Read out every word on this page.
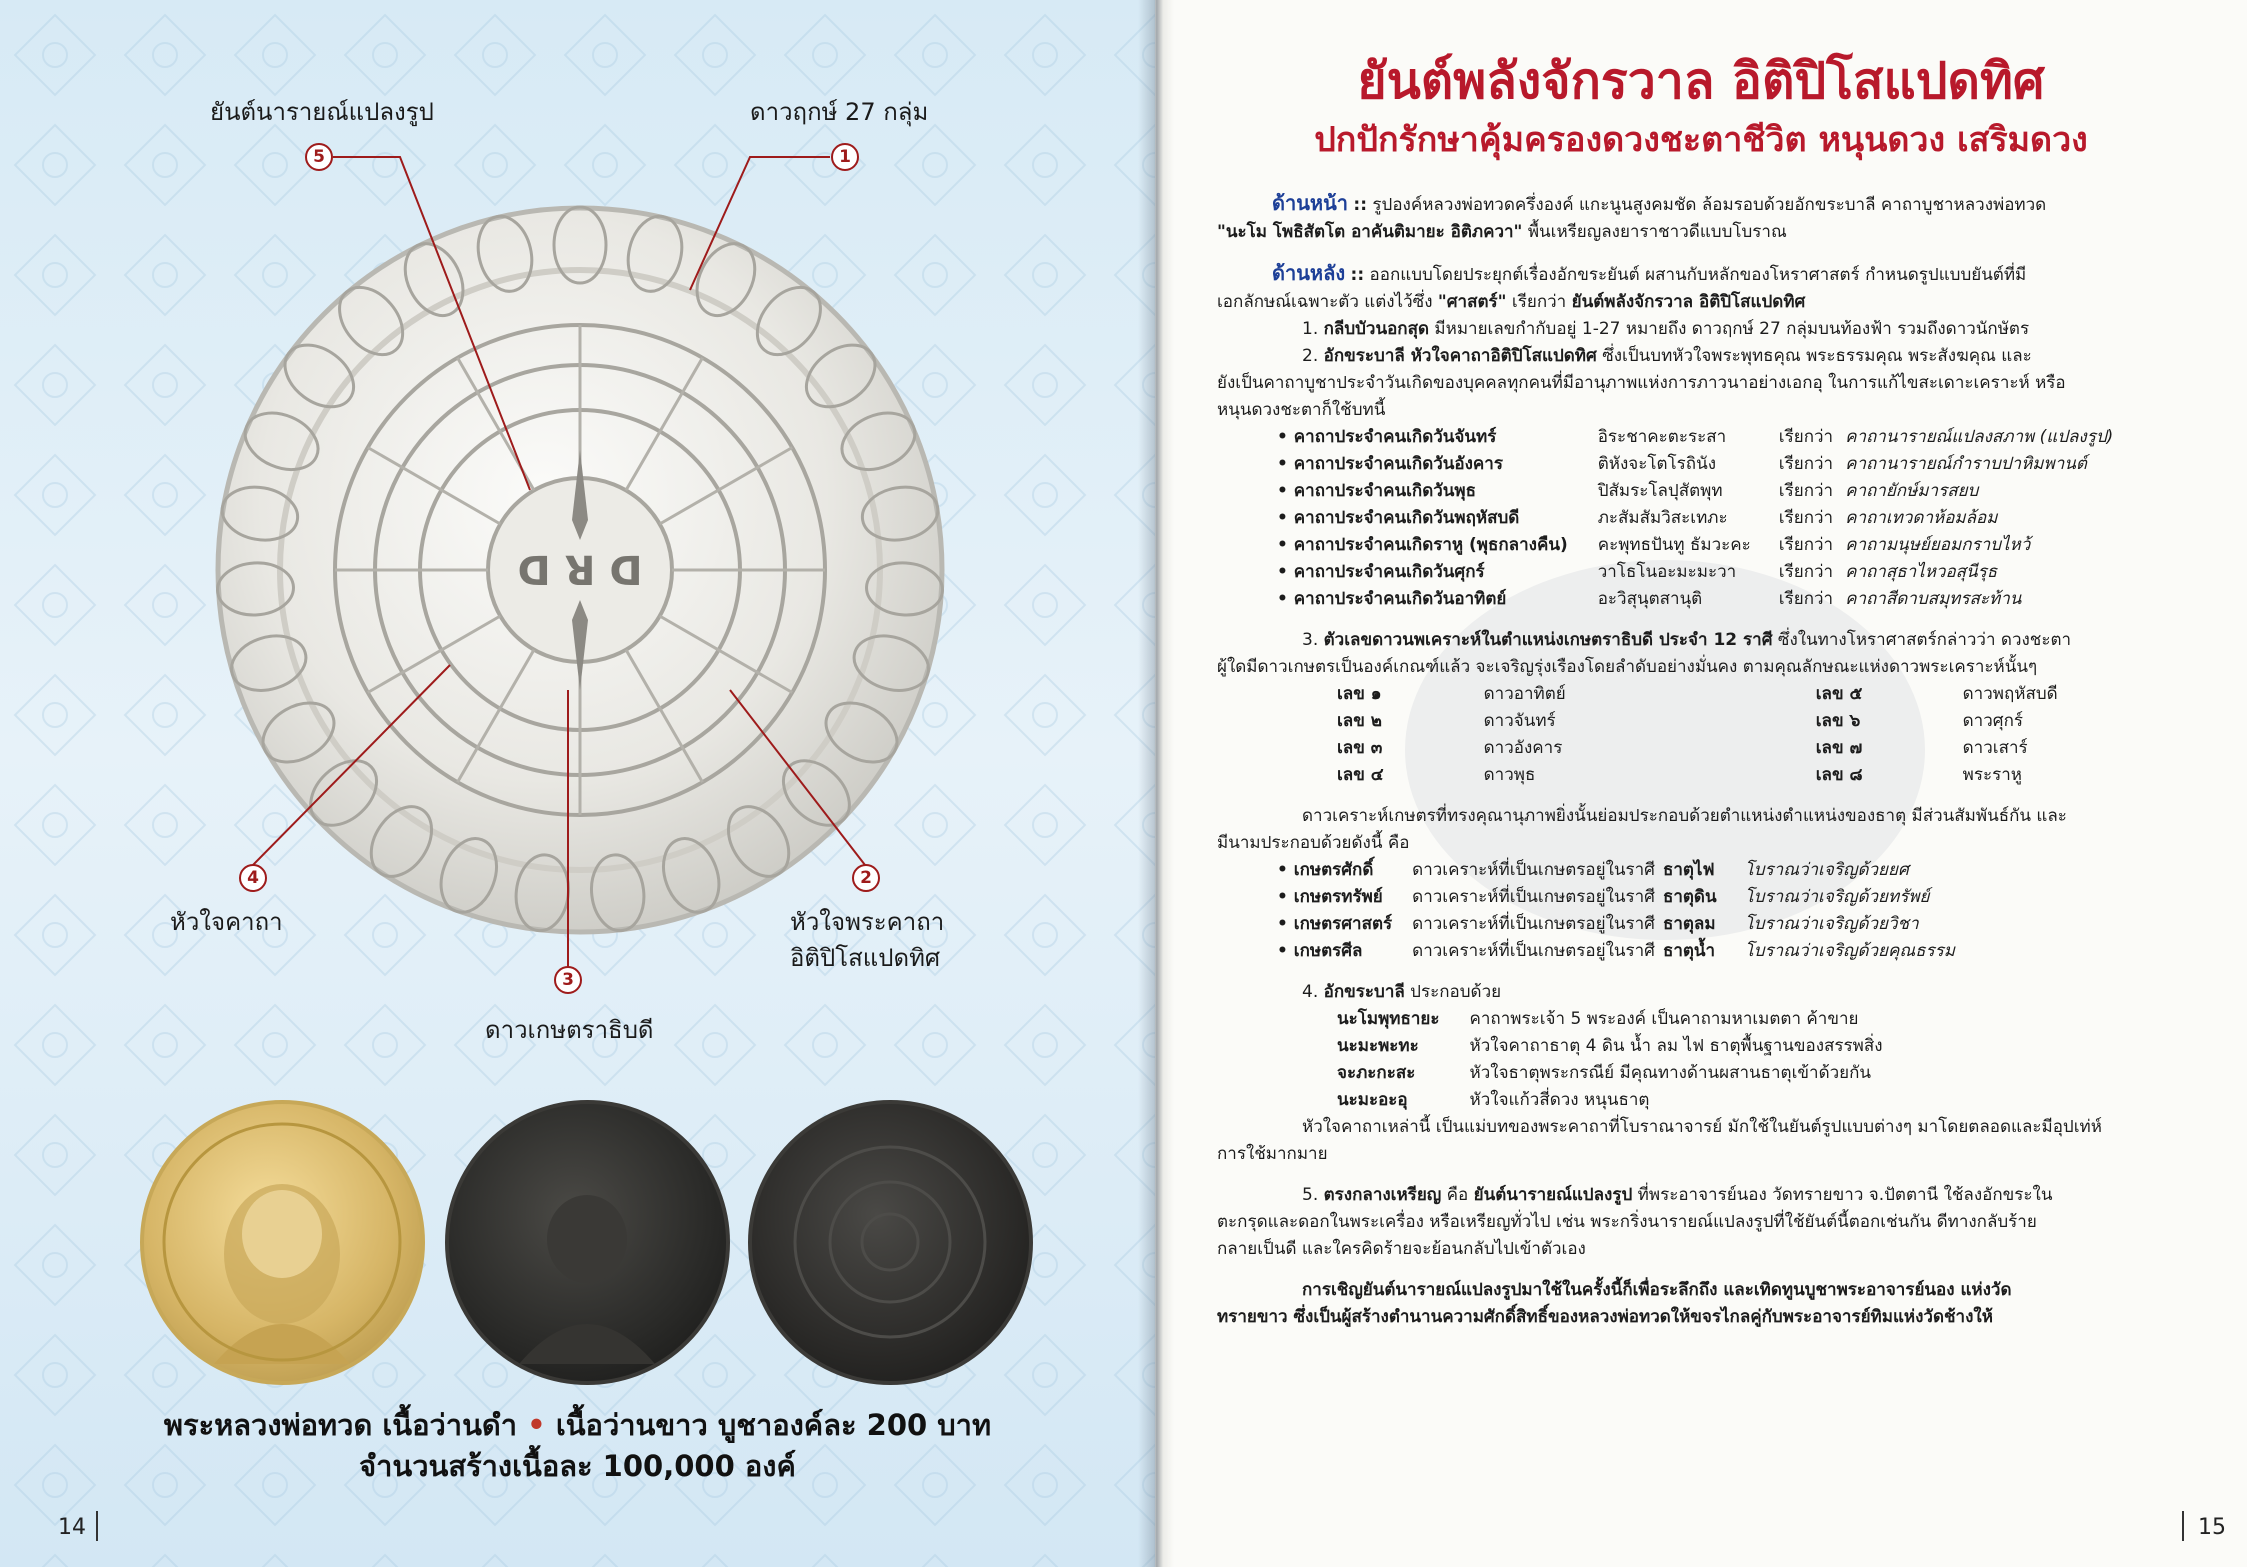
ꓷ ꓤ ꓷ
5
ยันต์นารายณ์แปลงรูป
1
ดาวฤกษ์ 27 กลุ่ม
4
หัวใจคาถา
2
หัวใจพระคาถา
อิติปิโสแปดทิศ
3
ดาวเกษตราธิบดี
พระหลวงพ่อทวด เนื้อว่านดำ • เนื้อว่านขาว บูชาองค์ละ 200 บาท
จำนวนสร้างเนื้อละ 100,000 องค์
14
ยันต์พลังจักรวาล อิติปิโสแปดทิศ
ปกปักรักษาคุ้มครองดวงชะตาชีวิต หนุนดวง เสริมดวง

ด้านหน้า :: รูปองค์หลวงพ่อทวดครึ่งองค์ แกะนูนสูงคมชัด ล้อมรอบด้วยอักขระบาลี คาถาบูชาหลวงพ่อทวด

"นะโม โพธิสัตโต อาคันติมายะ อิติภควา" พื้นเหรียญลงยาราชาวดีแบบโบราณ

ด้านหลัง :: ออกแบบโดยประยุกต์เรื่องอักขระยันต์ ผสานกับหลักของโหราศาสตร์ กำหนดรูปแบบยันต์ที่มี

เอกลักษณ์เฉพาะตัว แต่งไว้ซึ่ง "ศาสตร์" เรียกว่า ยันต์พลังจักรวาล อิติปิโสแปดทิศ

1. กลีบบัวนอกสุด มีหมายเลขกำกับอยู่ 1-27 หมายถึง ดาวฤกษ์ 27 กลุ่มบนท้องฟ้า รวมถึงดาวนักษัตร

2. อักขระบาลี หัวใจคาถาอิติปิโสแปดทิศ ซึ่งเป็นบทหัวใจพระพุทธคุณ พระธรรมคุณ พระสังฆคุณ และ

ยังเป็นคาถาบูชาประจำวันเกิดของบุคคลทุกคนที่มีอานุภาพแห่งการภาวนาอย่างเอกอุ ในการแก้ไขสะเดาะเคราะห์ หรือ

หนุนดวงชะตาก็ใช้บทนี้

• คาถาประจำคนเกิดวันจันทร์	อิระชาคะตะระสา	เรียกว่า	คาถานารายณ์แปลงสภาพ (แปลงรูป)
• คาถาประจำคนเกิดวันอังคาร	ติหังจะโตโรถินัง	เรียกว่า	คาถานารายณ์กำราบปาหิมพานต์
• คาถาประจำคนเกิดวันพุธ	ปิสัมระโลปุสัตพุท	เรียกว่า	คาถายักษ์มารสยบ
• คาถาประจำคนเกิดวันพฤหัสบดี	ภะสัมสัมวิสะเทภะ	เรียกว่า	คาถาเทวดาห้อมล้อม
• คาถาประจำคนเกิดราหู (พุธกลางคืน)	คะพุทธปันทู ธัมวะคะ	เรียกว่า	คาถามนุษย์ยอมกราบไหว้
• คาถาประจำคนเกิดวันศุกร์	วาโธโนอะมะมะวา	เรียกว่า	คาถาสุธาไหวอสุนีรุธ
• คาถาประจำคนเกิดวันอาทิตย์	อะวิสุนุตสานุติ	เรียกว่า	คาถาสีดาบสมุทรสะท้าน

3. ตัวเลขดาวนพเคราะห์ในตำแหน่งเกษตราธิบดี ประจำ 12 ราศี ซึ่งในทางโหราศาสตร์กล่าวว่า ดวงชะตา

ผู้ใดมีดาวเกษตรเป็นองค์เกณฑ์แล้ว จะเจริญรุ่งเรืองโดยลำดับอย่างมั่นคง ตามคุณลักษณะแห่งดาวพระเคราะห์นั้นๆ

เลข ๑	ดาวอาทิตย์	เลข ๕	ดาวพฤหัสบดี
เลข ๒	ดาวจันทร์	เลข ๖	ดาวศุกร์
เลข ๓	ดาวอังคาร	เลข ๗	ดาวเสาร์
เลข ๔	ดาวพุธ	เลข ๘	พระราหู

ดาวเคราะห์เกษตรที่ทรงคุณานุภาพยิ่งนั้นย่อมประกอบด้วยตำแหน่งตำแหน่งของธาตุ มีส่วนสัมพันธ์กัน และ

มีนามประกอบด้วยดังนี้ คือ

• เกษตรศักดิ์	ดาวเคราะห์ที่เป็นเกษตรอยู่ในราศี	ธาตุไฟ	โบราณว่าเจริญด้วยยศ
• เกษตรทรัพย์	ดาวเคราะห์ที่เป็นเกษตรอยู่ในราศี	ธาตุดิน	โบราณว่าเจริญด้วยทรัพย์
• เกษตรศาสตร์	ดาวเคราะห์ที่เป็นเกษตรอยู่ในราศี	ธาตุลม	โบราณว่าเจริญด้วยวิชา
• เกษตรศีล	ดาวเคราะห์ที่เป็นเกษตรอยู่ในราศี	ธาตุน้ำ	โบราณว่าเจริญด้วยคุณธรรม

4. อักขระบาลี ประกอบด้วย

นะโมพุทธายะ	คาถาพระเจ้า 5 พระองค์ เป็นคาถามหาเมตตา ค้าขาย
นะมะพะทะ	หัวใจคาถาธาตุ 4 ดิน น้ำ ลม ไฟ ธาตุพื้นฐานของสรรพสิ่ง
จะภะกะสะ	หัวใจธาตุพระกรณีย์ มีคุณทางด้านผสานธาตุเข้าด้วยกัน
นะมะอะอุ	หัวใจแก้วสี่ดวง หนุนธาตุ

หัวใจคาถาเหล่านี้ เป็นแม่บทของพระคาถาที่โบราณาจารย์ มักใช้ในยันต์รูปแบบต่างๆ มาโดยตลอดและมีอุปเท่ห์

การใช้มากมาย

5. ตรงกลางเหรียญ คือ ยันต์นารายณ์แปลงรูป ที่พระอาจารย์นอง วัดทรายขาว จ.ปัตตานี ใช้ลงอักขระใน

ตะกรุดและดอกในพระเครื่อง หรือเหรียญทั่วไป เช่น พระกริ่งนารายณ์แปลงรูปที่ใช้ยันต์นี้ตอกเช่นกัน ดีทางกลับร้าย

กลายเป็นดี และใครคิดร้ายจะย้อนกลับไปเข้าตัวเอง

การเชิญยันต์นารายณ์แปลงรูปมาใช้ในครั้งนี้ก็เพื่อระลึกถึง และเทิดทูนบูชาพระอาจารย์นอง แห่งวัด

ทรายขาว ซึ่งเป็นผู้สร้างตำนานความศักดิ์สิทธิ์ของหลวงพ่อทวดให้ขจรไกลคู่กับพระอาจารย์ทิมแห่งวัดช้างให้

15
